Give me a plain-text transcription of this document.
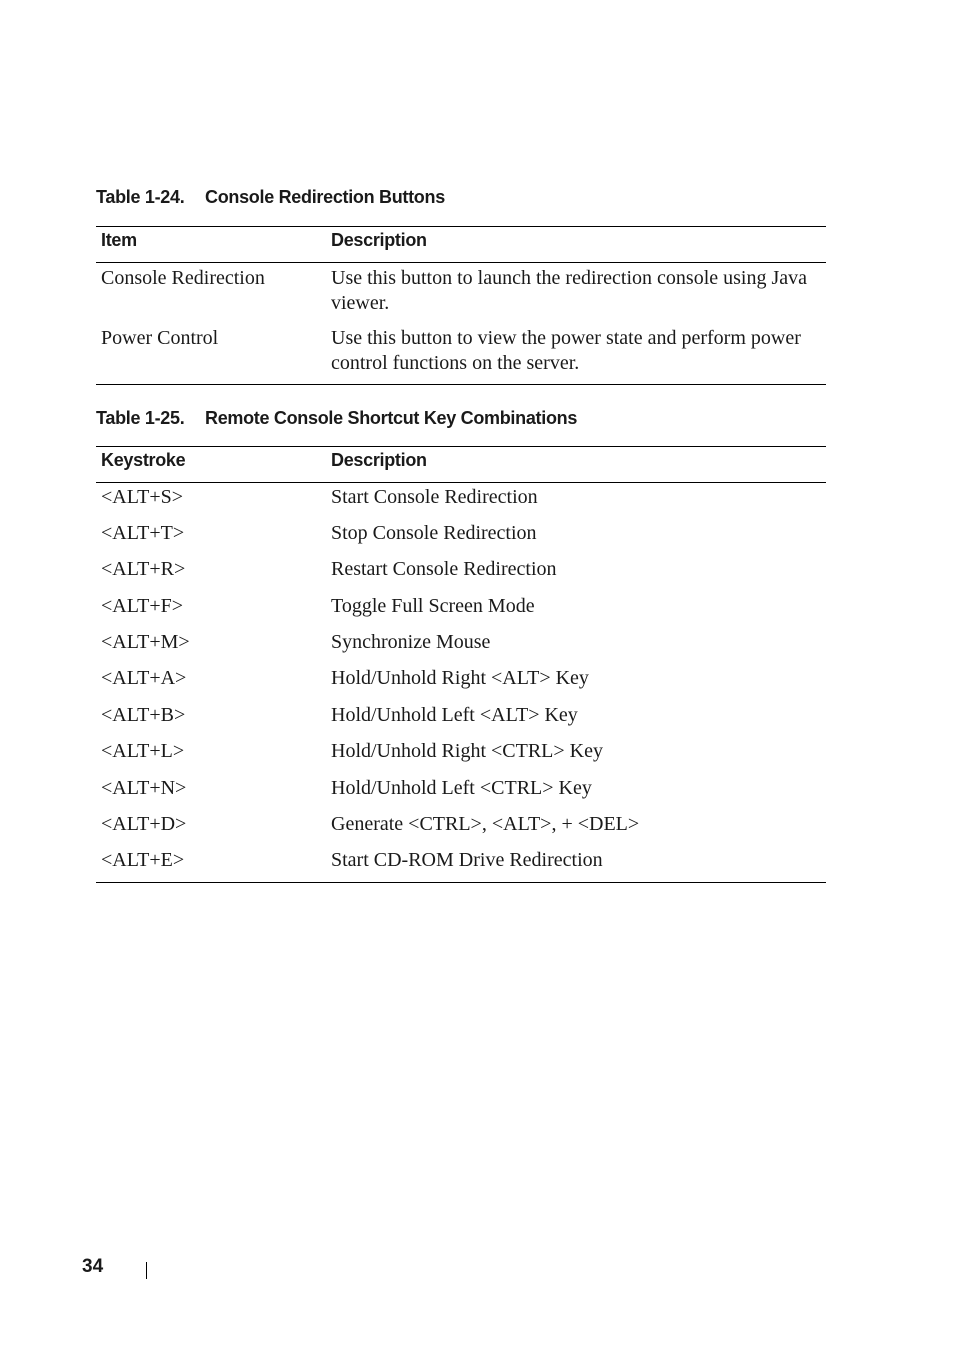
Table 1-24. Console Redirection Buttons
Item	Description
Console Redirection	Use this button to launch the redirection console using Java viewer.
Power Control	Use this button to view the power state and perform power control functions on the server.
Table 1-25. Remote Console Shortcut Key Combinations
Keystroke	Description
<ALT+S>	Start Console Redirection
<ALT+T>	Stop Console Redirection
<ALT+R>	Restart Console Redirection
<ALT+F>	Toggle Full Screen Mode
<ALT+M>	Synchronize Mouse
<ALT+A>	Hold/Unhold Right <ALT> Key
<ALT+B>	Hold/Unhold Left <ALT> Key
<ALT+L>	Hold/Unhold Right <CTRL> Key
<ALT+N>	Hold/Unhold Left <CTRL> Key
<ALT+D>	Generate <CTRL>, <ALT>, + <DEL>
<ALT+E>	Start CD-ROM Drive Redirection
34
